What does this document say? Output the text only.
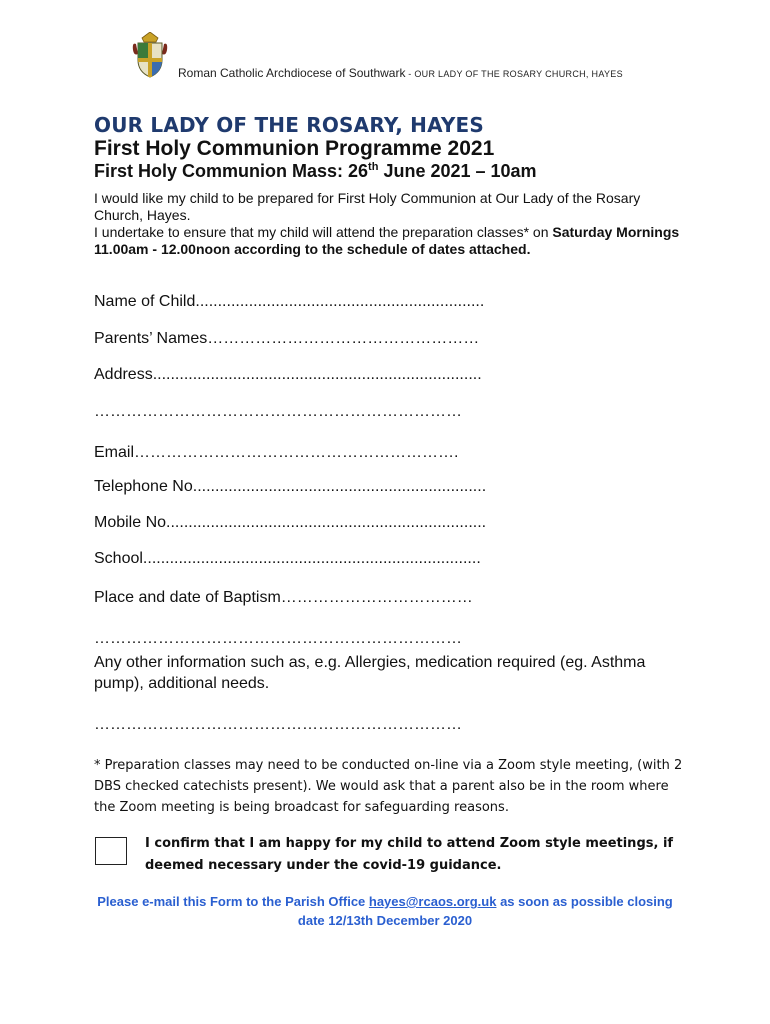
Roman Catholic Archdiocese of Southwark - OUR LADY OF THE ROSARY CHURCH, HAYES
OUR LADY OF THE ROSARY, HAYES
First Holy Communion Programme 2021
First Holy Communion Mass: 26th June 2021 – 10am

I would like my child to be prepared for First Holy Communion at Our Lady of the Rosary Church, Hayes.

I undertake to ensure that my child will attend the preparation classes* on Saturday Mornings 11.00am - 12.00noon according to the schedule of dates attached.

Name of Child.................................................................
Parents’ Names……………………………………………
Address..........................................................................
……………………………………………………………
Email…………………………………………………….
Telephone No..................................................................
Mobile No........................................................................
School............................................................................
Place and date of Baptism………………………………
……………………………………………………………
Any other information such as, e.g. Allergies, medication required (eg. Asthma pump), additional needs.
……………………………………………………………
* Preparation classes may need to be conducted on-line via a Zoom style meeting, (with 2 DBS checked catechists present). We would ask that a parent also be in the room where the Zoom meeting is being broadcast for safeguarding reasons.
I confirm that I am happy for my child to attend Zoom style meetings, if deemed necessary under the covid-19 guidance.
Please e-mail this Form to the Parish Office hayes@rcaos.org.uk as soon as possible closing date 12/13th December 2020
